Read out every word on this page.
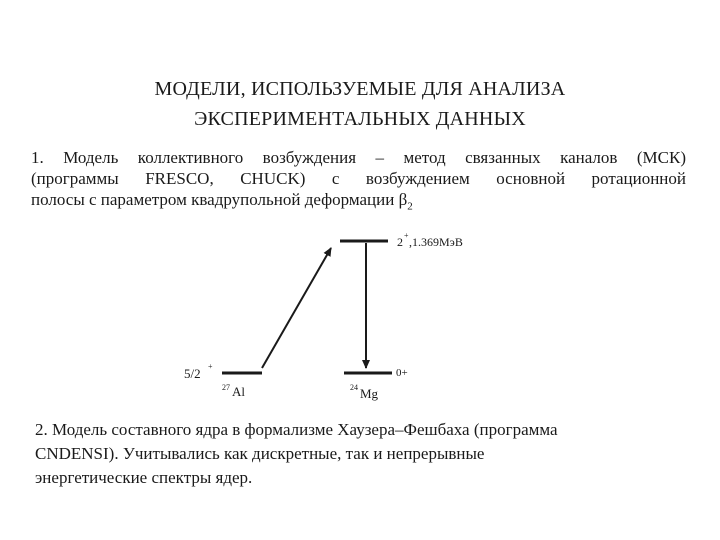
МОДЕЛИ, ИСПОЛЬЗУЕМЫЕ ДЛЯ АНАЛИЗА
ЭКСПЕРИМЕНТАЛЬНЫХ ДАННЫХ
1. Модель коллективного возбуждения – метод связанных каналов (МСК)
(программы FRESCO, CHUCK) с возбуждением основной ротационной
полосы с параметром квадрупольной деформации $\beta_2$
2 + ,1.369МэВ
0+
5/2 +
27 Al	24 Mg
2. Модель составного ядра в формализме Хаузера–Фешбаха (программа
CNDENSI). Учитывались как дискретные, так и непрерывные
энергетические спектры ядер.
